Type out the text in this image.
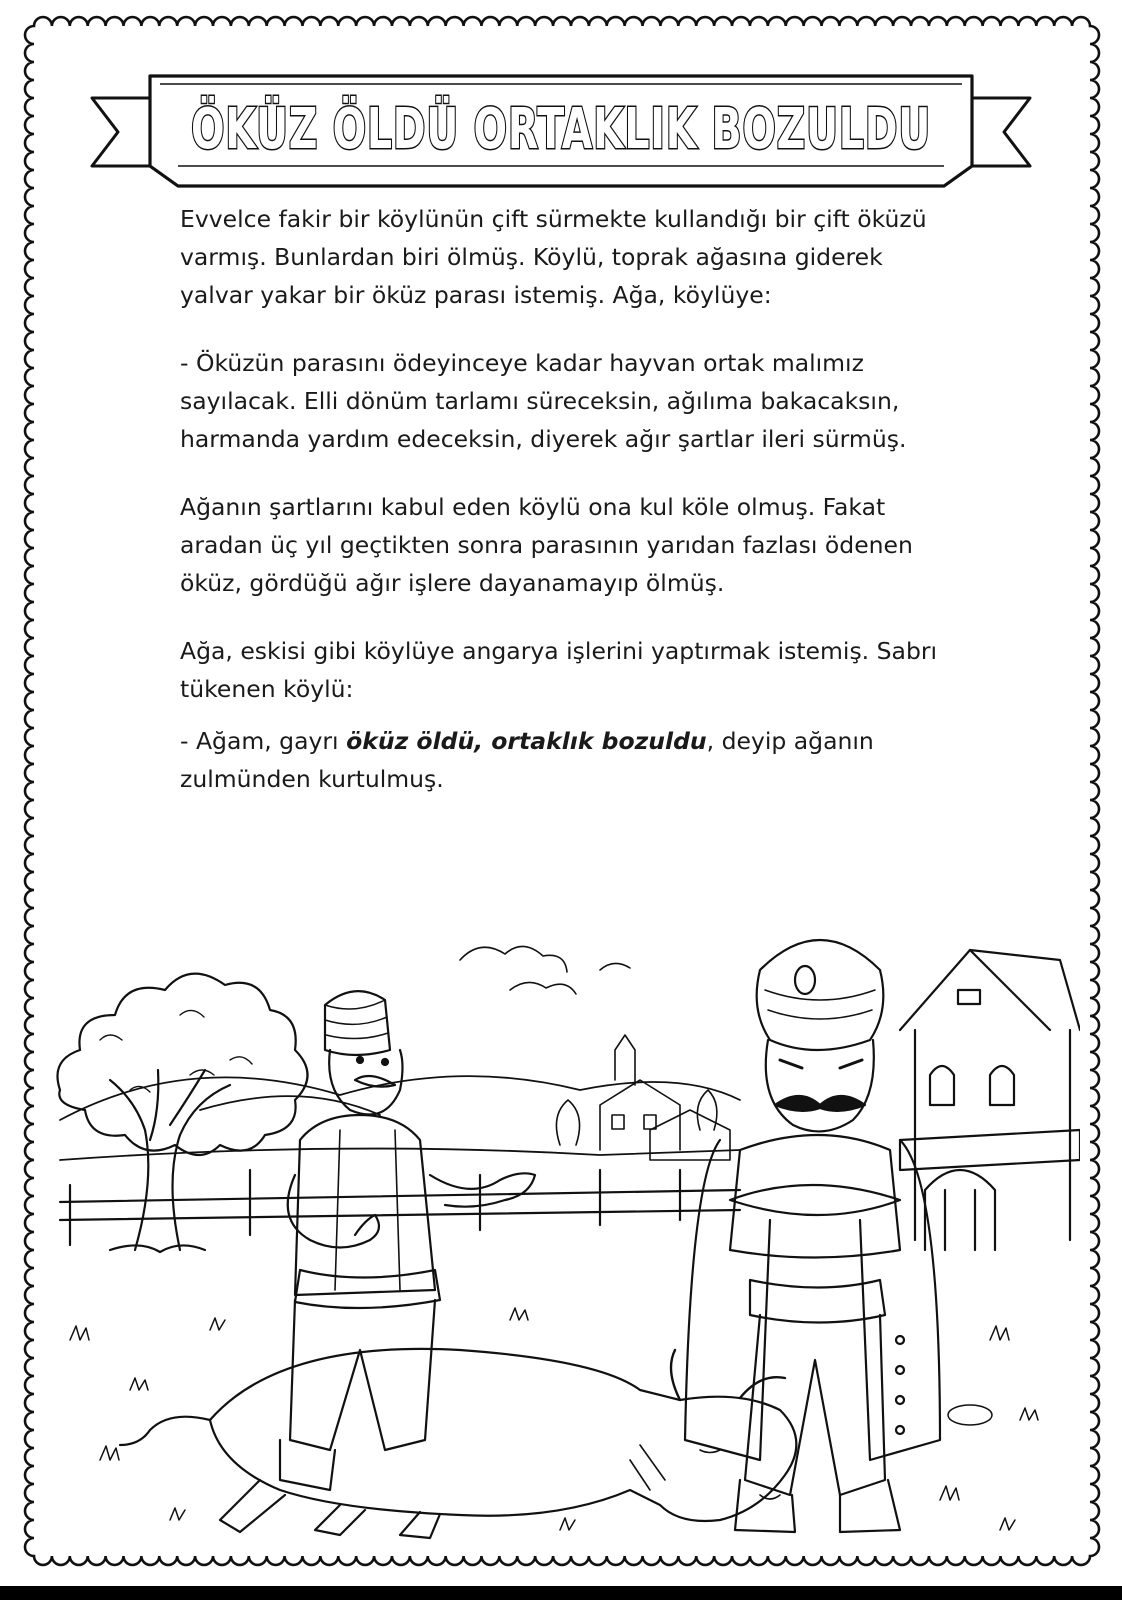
ÖKÜZ ÖLDÜ ORTAKLIK BOZULDU

Evvelce fakir bir köylünün çift sürmekte kullandığı bir çift öküzü varmış. Bunlardan biri ölmüş. Köylü, toprak ağasına giderek yalvar yakar bir öküz parası istemiş. Ağa, köylüye:

- Öküzün parasını ödeyinceye kadar hayvan ortak malımız sayılacak. Elli dönüm tarlamı süreceksin, ağılıma bakacaksın, harmanda yardım edeceksin, diyerek ağır şartlar ileri sürmüş.

Ağanın şartlarını kabul eden köylü ona kul köle olmuş. Fakat aradan üç yıl geçtikten sonra parasının yarıdan fazlası ödenen öküz, gördüğü ağır işlere dayanamayıp ölmüş.

Ağa, eskisi gibi köylüye angarya işlerini yaptırmak istemiş. Sabrı tükenen köylü:

- Ağam, gayrı öküz öldü, ortaklık bozuldu, deyip ağanın zulmünden kurtulmuş.
